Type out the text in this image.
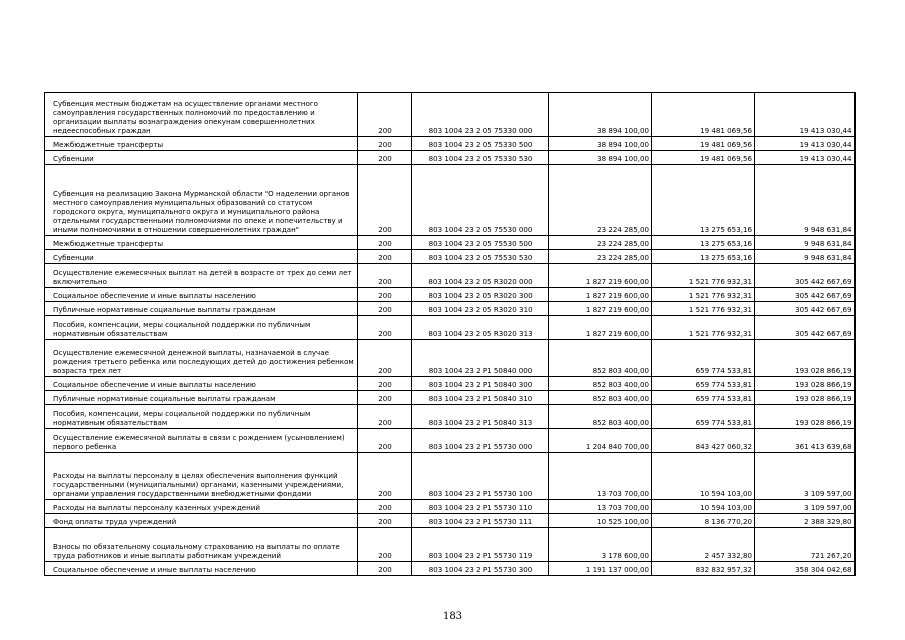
Субвенция местным бюджетам на осуществление органами местного самоуправления государственных полномочий по предоставлению и организации выплаты вознаграждения опекунам совершеннолетних недееспособных граждан	200	803 1004 23 2 05 75330 000	38 894 100,00	19 481 069,56	19 413 030,44
Межбюджетные трансферты	200	803 1004 23 2 05 75330 500	38 894 100,00	19 481 069,56	19 413 030,44
Субвенции	200	803 1004 23 2 05 75330 530	38 894 100,00	19 481 069,56	19 413 030,44
Субвенция на реализацию Закона Мурманской области "О наделении органов местного самоуправления муниципальных образований со статусом городского округа, муниципального округа и муниципального района отдельными государственными полномочиями по опеке и попечительству и иными полномочиями в отношении совершеннолетних граждан"	200	803 1004 23 2 05 75530 000	23 224 285,00	13 275 653,16	9 948 631,84
Межбюджетные трансферты	200	803 1004 23 2 05 75530 500	23 224 285,00	13 275 653,16	9 948 631,84
Субвенции	200	803 1004 23 2 05 75530 530	23 224 285,00	13 275 653,16	9 948 631,84
Осуществление ежемесячных выплат на детей в возрасте от трех до семи лет включительно	200	803 1004 23 2 05 R3020 000	1 827 219 600,00	1 521 776 932,31	305 442 667,69
Социальное обеспечение и иные выплаты населению	200	803 1004 23 2 05 R3020 300	1 827 219 600,00	1 521 776 932,31	305 442 667,69
Публичные нормативные социальные выплаты гражданам	200	803 1004 23 2 05 R3020 310	1 827 219 600,00	1 521 776 932,31	305 442 667,69
Пособия, компенсации, меры социальной поддержки по публичным нормативным обязательствам	200	803 1004 23 2 05 R3020 313	1 827 219 600,00	1 521 776 932,31	305 442 667,69
Осуществление ежемесячной денежной выплаты, назначаемой в случае рождения третьего ребенка или последующих детей до достижения ребенком возраста трех лет	200	803 1004 23 2 P1 50840 000	852 803 400,00	659 774 533,81	193 028 866,19
Социальное обеспечение и иные выплаты населению	200	803 1004 23 2 P1 50840 300	852 803 400,00	659 774 533,81	193 028 866,19
Публичные нормативные социальные выплаты гражданам	200	803 1004 23 2 P1 50840 310	852 803 400,00	659 774 533,81	193 028 866,19
Пособия, компенсации, меры социальной поддержки по публичным нормативным обязательствам	200	803 1004 23 2 P1 50840 313	852 803 400,00	659 774 533,81	193 028 866,19
Осуществление ежемесячной выплаты в связи с рождением (усыновлением) первого ребенка	200	803 1004 23 2 P1 55730 000	1 204 840 700,00	843 427 060,32	361 413 639,68
Расходы на выплаты персоналу в целях обеспечения выполнения функций государственными (муниципальными) органами, казенными учреждениями, органами управления государственными внебюджетными фондами	200	803 1004 23 2 P1 55730 100	13 703 700,00	10 594 103,00	3 109 597,00
Расходы на выплаты персоналу казенных учреждений	200	803 1004 23 2 P1 55730 110	13 703 700,00	10 594 103,00	3 109 597,00
Фонд оплаты труда учреждений	200	803 1004 23 2 P1 55730 111	10 525 100,00	8 136 770,20	2 388 329,80
Взносы по обязательному социальному страхованию на выплаты по оплате труда работников и иные выплаты работникам учреждений	200	803 1004 23 2 P1 55730 119	3 178 600,00	2 457 332,80	721 267,20
Социальное обеспечение и иные выплаты населению	200	803 1004 23 2 P1 55730 300	1 191 137 000,00	832 832 957,32	358 304 042,68
183
